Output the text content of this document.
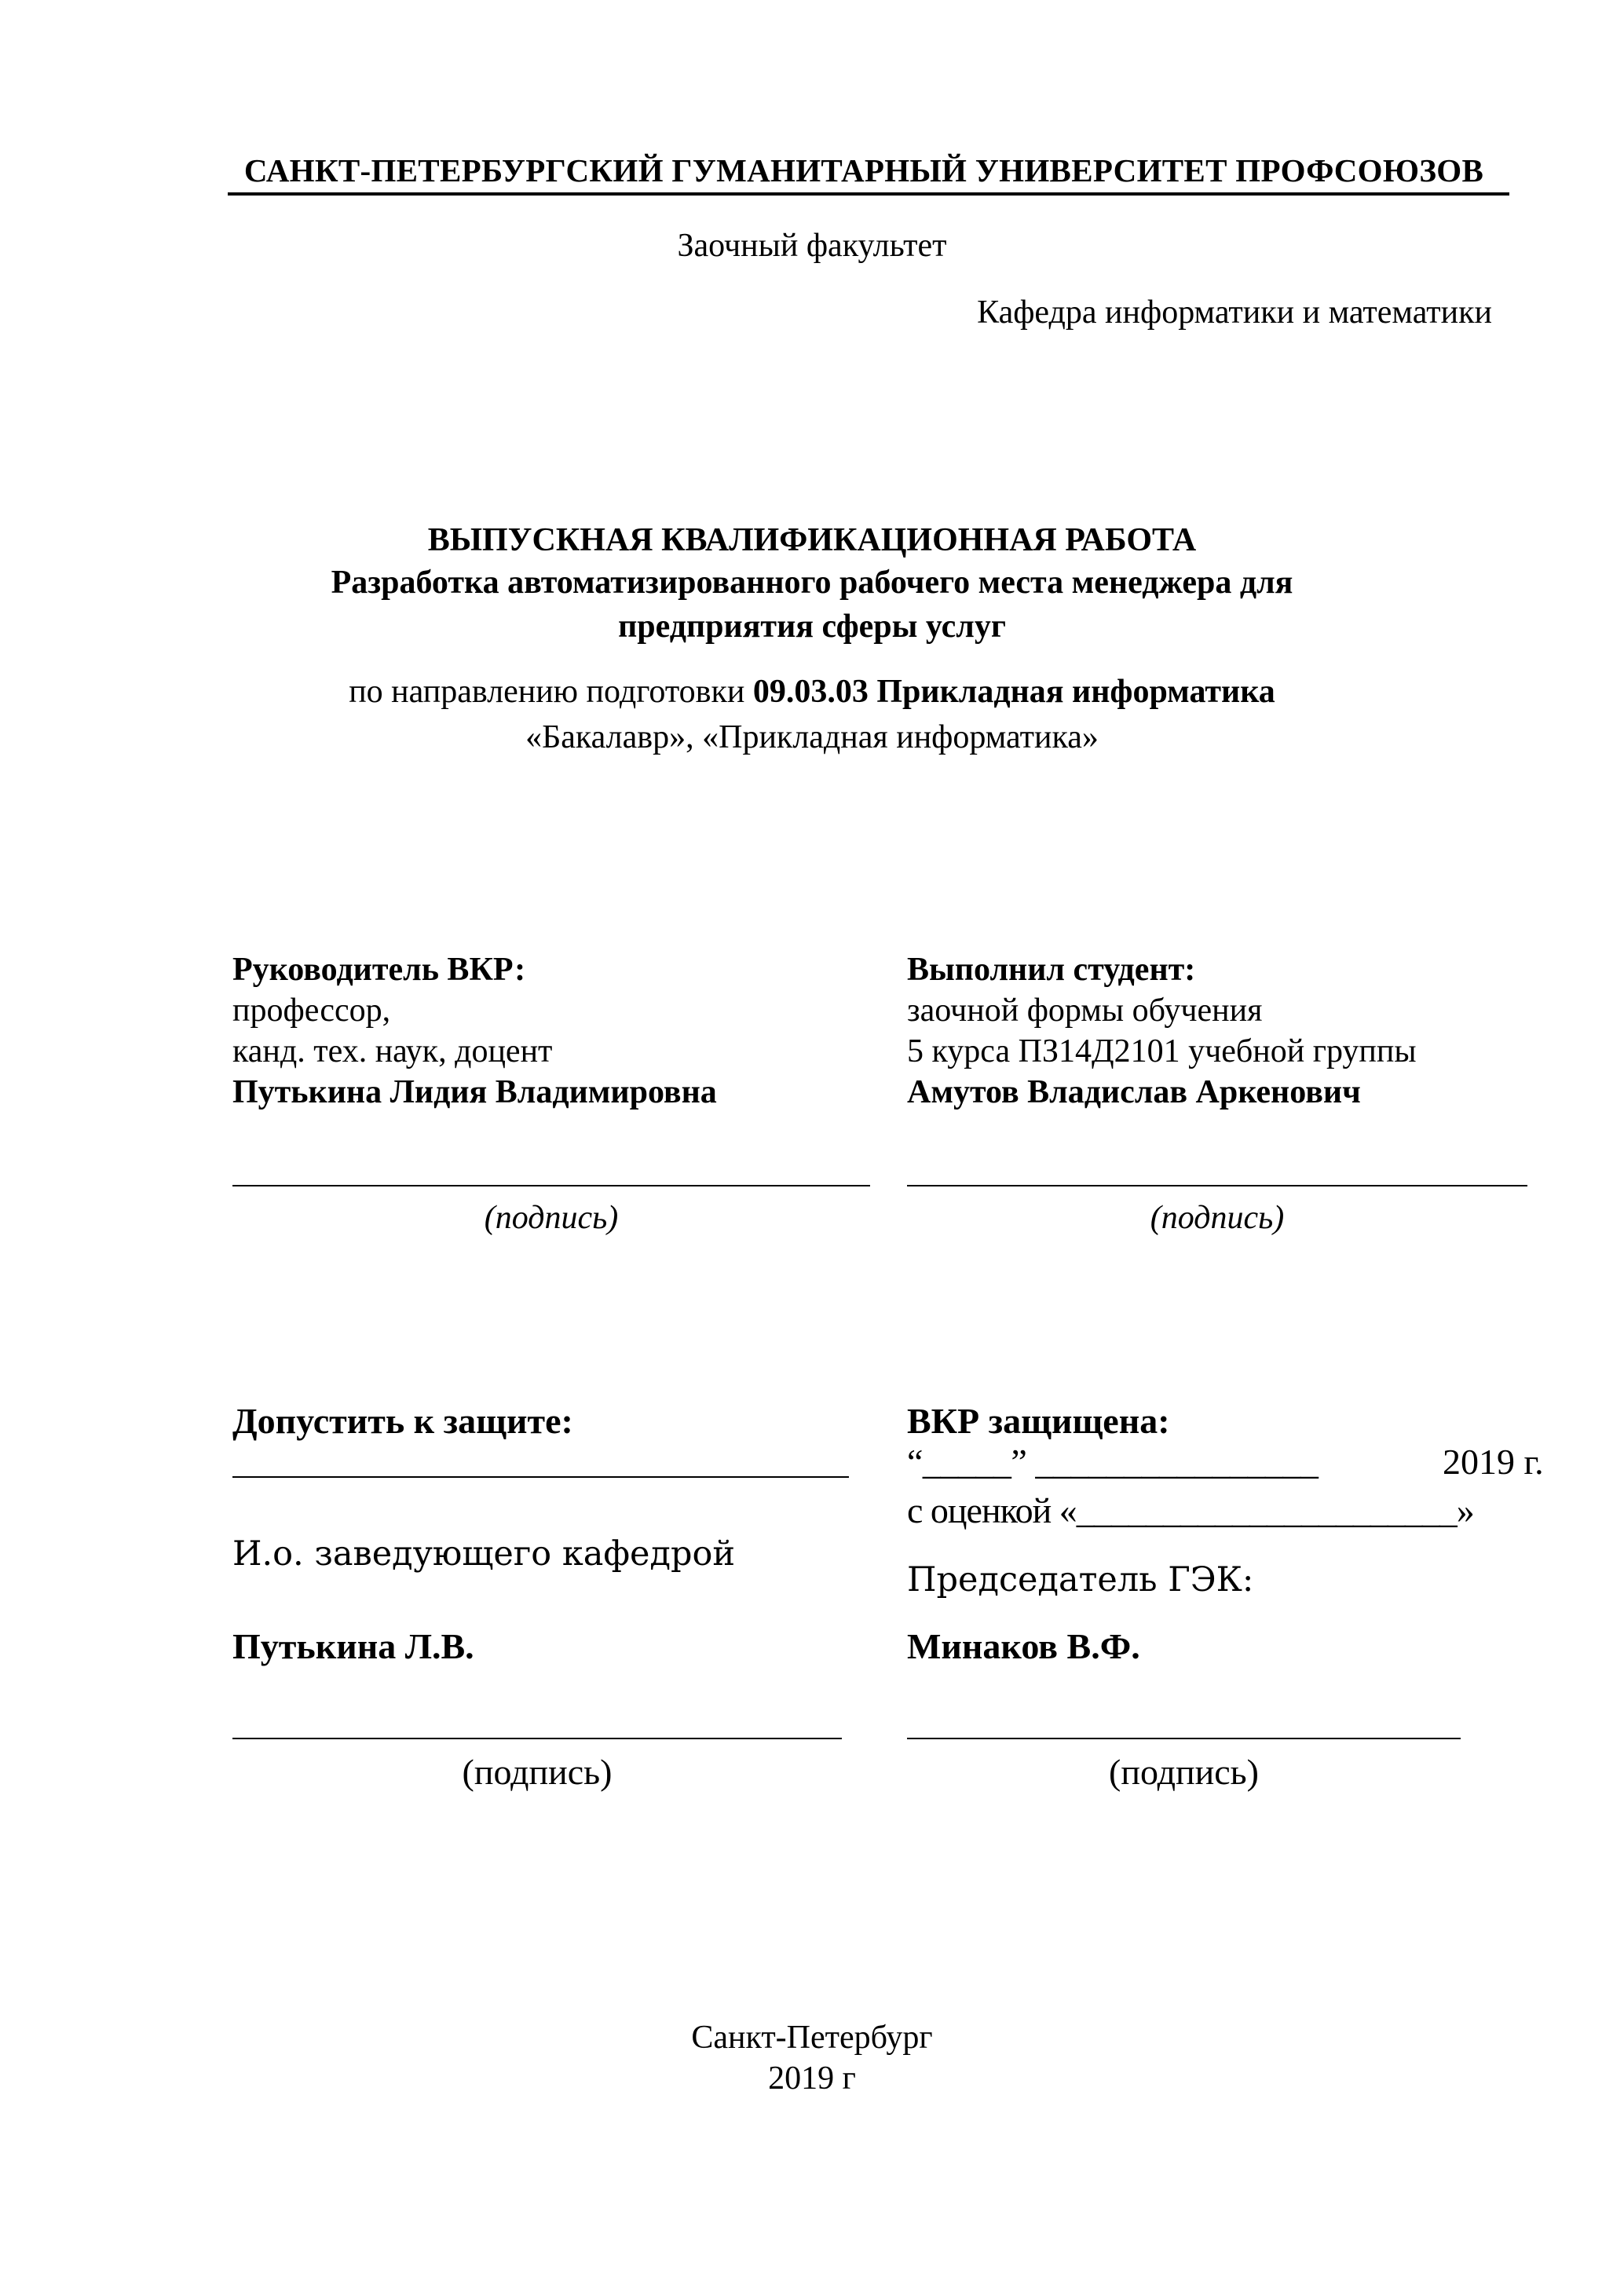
САНКТ-ПЕТЕРБУРГСКИЙ ГУМАНИТАРНЫЙ УНИВЕРСИТЕТ ПРОФСОЮЗОВ
Заочный факультет
Кафедра информатики и математики
ВЫПУСКНАЯ КВАЛИФИКАЦИОННАЯ РАБОТА
Разработка автоматизированного рабочего места менеджера для
предприятия сферы услуг
по направлению подготовки 09.03.03 Прикладная информатика
«Бакалавр», «Прикладная информатика»
Руководитель ВКР:
профессор,
канд. тех. наук, доцент
Путькина Лидия Владимировна
(подпись)
Выполнил студент:
заочной формы обучения
5 курса ПЗ14Д2101 учебной группы
Амутов Владислав Аркенович
(подпись)
Допустить к защите:
И.о. заведующего кафедрой
Путькина Л.В.
(подпись)
ВКР защищена:
“_____” ________________	2019 г.
с оценкой «______________________»
Председатель ГЭК:
Минаков В.Ф.
(подпись)
Санкт-Петербург
2019 г
